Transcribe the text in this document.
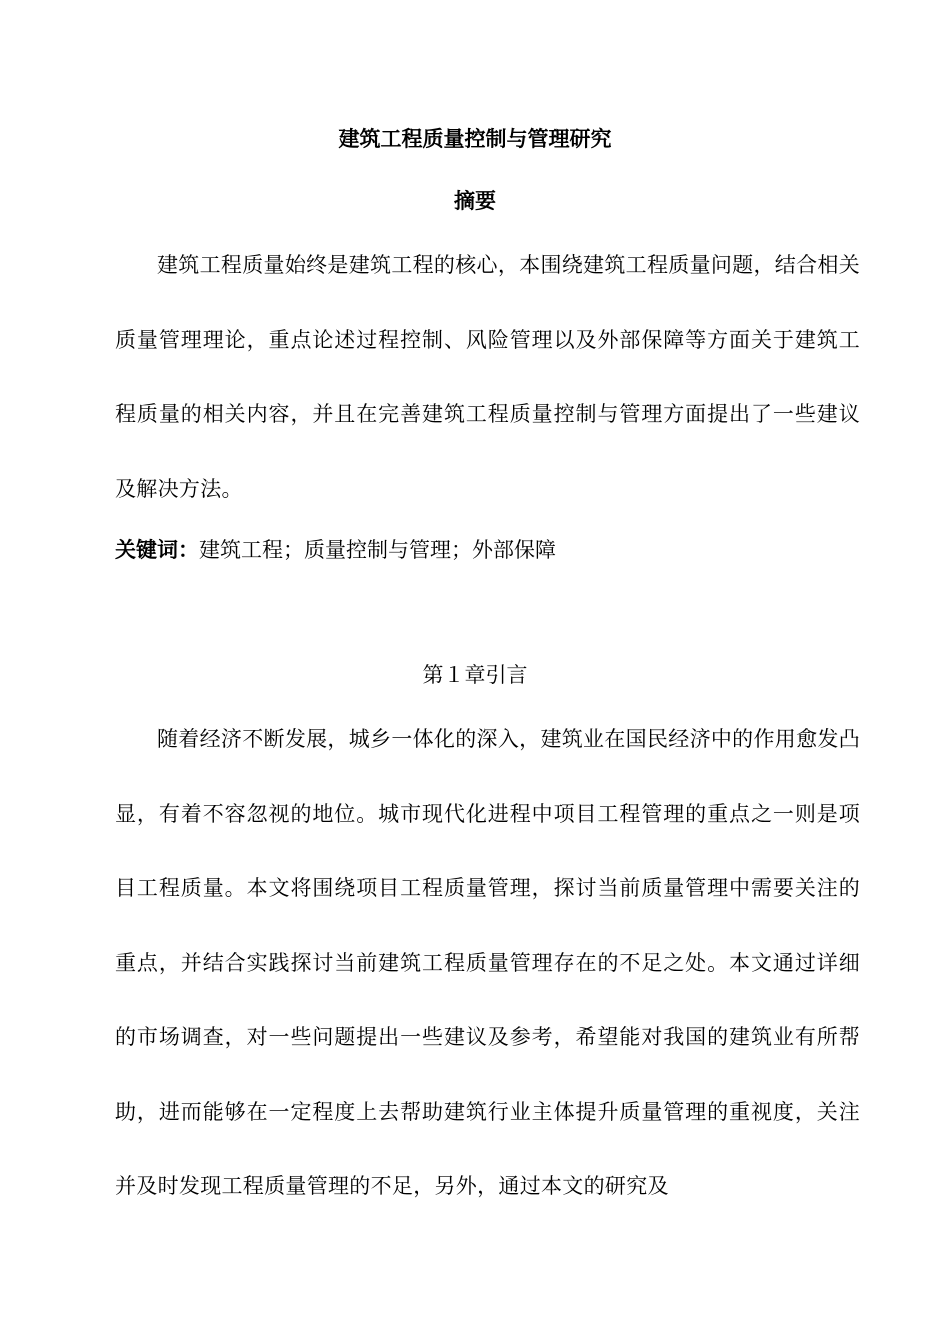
建筑工程质量控制与管理研究
摘要

建筑工程质量始终是建筑工程的核心，本围绕建筑工程质量问题，结合相关质量管理理论，重点论述过程控制、风险管理以及外部保障等方面关于建筑工程质量的相关内容，并且在完善建筑工程质量控制与管理方面提出了一些建议及解决方法。

关键词：建筑工程；质量控制与管理；外部保障
第１章引言

随着经济不断发展，城乡一体化的深入，建筑业在国民经济中的作用愈发凸显，有着不容忽视的地位。城市现代化进程中项目工程管理的重点之一则是项目工程质量。本文将围绕项目工程质量管理，探讨当前质量管理中需要关注的重点，并结合实践探讨当前建筑工程质量管理存在的不足之处。本文通过详细的市场调查，对一些问题提出一些建议及参考，希望能对我国的建筑业有所帮助，进而能够在一定程度上去帮助建筑行业主体提升质量管理的重视度，关注并及时发现工程质量管理的不足，另外，通过本文的研究及
